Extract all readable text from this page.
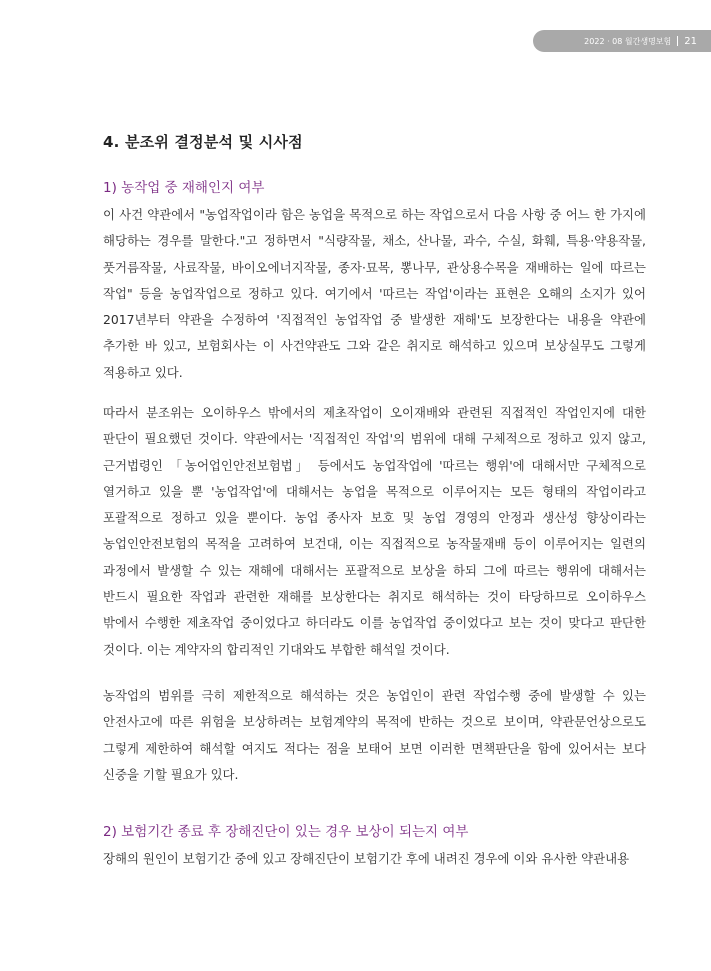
2022 · 08 월간생명보험 21
4. 분조위 결정분석 및 시사점
1) 농작업 중 재해인지 여부

이 사건 약관에서 "농업작업이라 함은 농업을 목적으로 하는 작업으로서 다음 사항 중 어느 한 가지에 해당하는 경우를 말한다."고 정하면서 "식량작물, 채소, 산나물, 과수, 수실, 화훼, 특용·약용작물, 풋거름작물, 사료작물, 바이오에너지작물, 종자·묘목, 뽕나무, 관상용수목을 재배하는 일에 따르는 작업" 등을 농업작업으로 정하고 있다. 여기에서 '따르는 작업'이라는 표현은 오해의 소지가 있어 2017년부터 약관을 수정하여 '직접적인 농업작업 중 발생한 재해'도 보장한다는 내용을 약관에 추가한 바 있고, 보험회사는 이 사건약관도 그와 같은 취지로 해석하고 있으며 보상실무도 그렇게 적용하고 있다.

따라서 분조위는 오이하우스 밖에서의 제초작업이 오이재배와 관련된 직접적인 작업인지에 대한 판단이 필요했던 것이다. 약관에서는 '직접적인 작업'의 범위에 대해 구체적으로 정하고 있지 않고, 근거법령인 「농어업인안전보험법」 등에서도 농업작업에 '따르는 행위'에 대해서만 구체적으로 열거하고 있을 뿐 '농업작업'에 대해서는 농업을 목적으로 이루어지는 모든 형태의 작업이라고 포괄적으로 정하고 있을 뿐이다. 농업 종사자 보호 및 농업 경영의 안정과 생산성 향상이라는 농업인안전보험의 목적을 고려하여 보건대, 이는 직접적으로 농작물재배 등이 이루어지는 일련의 과정에서 발생할 수 있는 재해에 대해서는 포괄적으로 보상을 하되 그에 따르는 행위에 대해서는 반드시 필요한 작업과 관련한 재해를 보상한다는 취지로 해석하는 것이 타당하므로 오이하우스 밖에서 수행한 제초작업 중이었다고 하더라도 이를 농업작업 중이었다고 보는 것이 맞다고 판단한 것이다. 이는 계약자의 합리적인 기대와도 부합한 해석일 것이다.

농작업의 범위를 극히 제한적으로 해석하는 것은 농업인이 관련 작업수행 중에 발생할 수 있는 안전사고에 따른 위험을 보상하려는 보험계약의 목적에 반하는 것으로 보이며, 약관문언상으로도 그렇게 제한하여 해석할 여지도 적다는 점을 보태어 보면 이러한 면책판단을 함에 있어서는 보다 신중을 기할 필요가 있다.

2) 보험기간 종료 후 장해진단이 있는 경우 보상이 되는지 여부

장해의 원인이 보험기간 중에 있고 장해진단이 보험기간 후에 내려진 경우에 이와 유사한 약관내용
